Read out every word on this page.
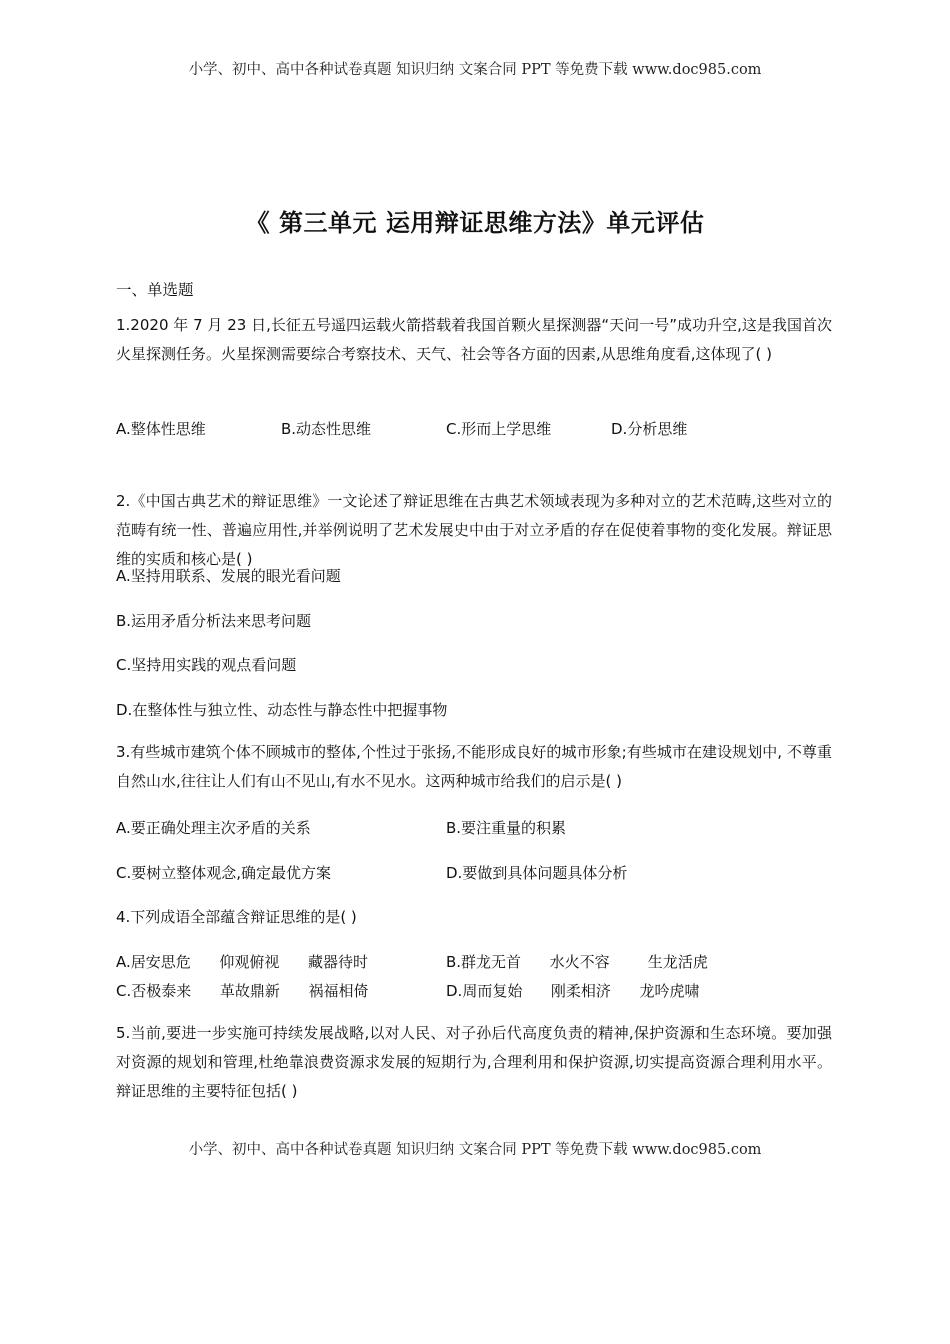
小学、初中、高中各种试卷真题 知识归纳 文案合同 PPT 等免费下载 www.doc985.com
《 第三单元 运用辩证思维方法》单元评估
一、单选题
1.2020 年 7 月 23 日,长征五号遥四运载火箭搭载着我国首颗火星探测器“天问一号”成功升空,这是我国首次火星探测任务。火星探测需要综合考察技术、天气、社会等各方面的因素,从思维角度看,这体现了( )
A.整体性思维	B.动态性思维	C.形而上学思维	D.分析思维
2.《中国古典艺术的辩证思维》一文论述了辩证思维在古典艺术领域表现为多种对立的艺术范畴,这些对立的范畴有统一性、普遍应用性,并举例说明了艺术发展史中由于对立矛盾的存在促使着事物的变化发展。辩证思维的实质和核心是( )
A.坚持用联系、发展的眼光看问题
B.运用矛盾分析法来思考问题
C.坚持用实践的观点看问题
D.在整体性与独立性、动态性与静态性中把握事物
3.有些城市建筑个体不顾城市的整体,个性过于张扬,不能形成良好的城市形象;有些城市在建设规划中, 不尊重自然山水,往往让人们有山不见山,有水不见水。这两种城市给我们的启示是( )
A.要正确处理主次矛盾的关系	B.要注重量的积累
C.要树立整体观念,确定最优方案	D.要做到具体问题具体分析
4.下列成语全部蕴含辩证思维的是( )
A.居安思危      仰观俯视      藏器待时	B.群龙无首      水火不容        生龙活虎
C.否极泰来      革故鼎新      祸福相倚	D.周而复始      刚柔相济      龙吟虎啸
5.当前,要进一步实施可持续发展战略,以对人民、对子孙后代高度负责的精神,保护资源和生态环境。要加强对资源的规划和管理,杜绝靠浪费资源求发展的短期行为,合理利用和保护资源,切实提高资源合理利用水平。辩证思维的主要特征包括( )
小学、初中、高中各种试卷真题 知识归纳 文案合同 PPT 等免费下载 www.doc985.com
